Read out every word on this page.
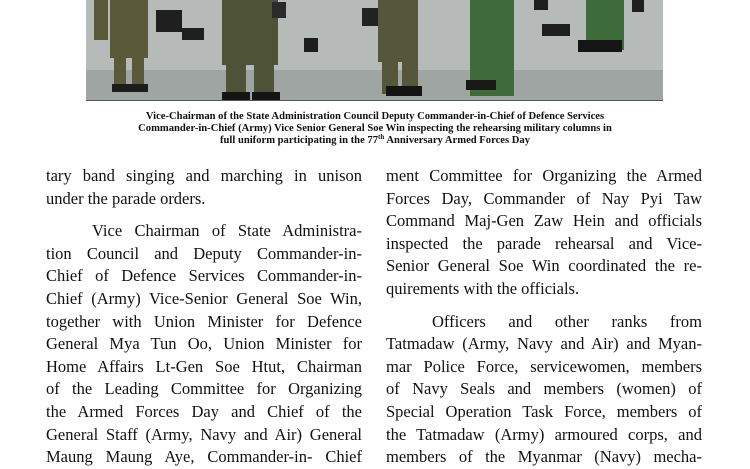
Vice-Chairman of the State Administration Council Deputy Commander-in-Chief of Defence Services
Commander-in-Chief (Army) Vice Senior General Soe Win inspecting the rehearsing military columns in
full uniform participating in the 77th Anniversary Armed Forces Day
tary band singing and marching in unison
under the parade orders.
Vice Chairman of State Administra-
tion Council and Deputy Commander-in-
Chief of Defence Services Commander-in-
Chief (Army) Vice-Senior General Soe Win,
together with Union Minister for Defence
General Mya Tun Oo, Union Minister for
Home Affairs Lt-Gen Soe Htut, Chairman
of the Leading Committee for Organizing
the Armed Forces Day and Chief of the
General Staff (Army, Navy and Air) General
Maung Maung Aye, Commander-in- Chief
ment Committee for Organizing the Armed
Forces Day, Commander of Nay Pyi Taw
Command Maj-Gen Zaw Hein and officials
inspected the parade rehearsal and Vice-
Senior General Soe Win coordinated the re-
quirements with the officials.
Officers and other ranks from
Tatmadaw (Army, Navy and Air) and Myan-
mar Police Force, servicewomen, members
of Navy Seals and members (women) of
Special Operation Task Force, members of
the Tatmadaw (Army) armoured corps, and
members of the Myanmar (Navy) mecha-
